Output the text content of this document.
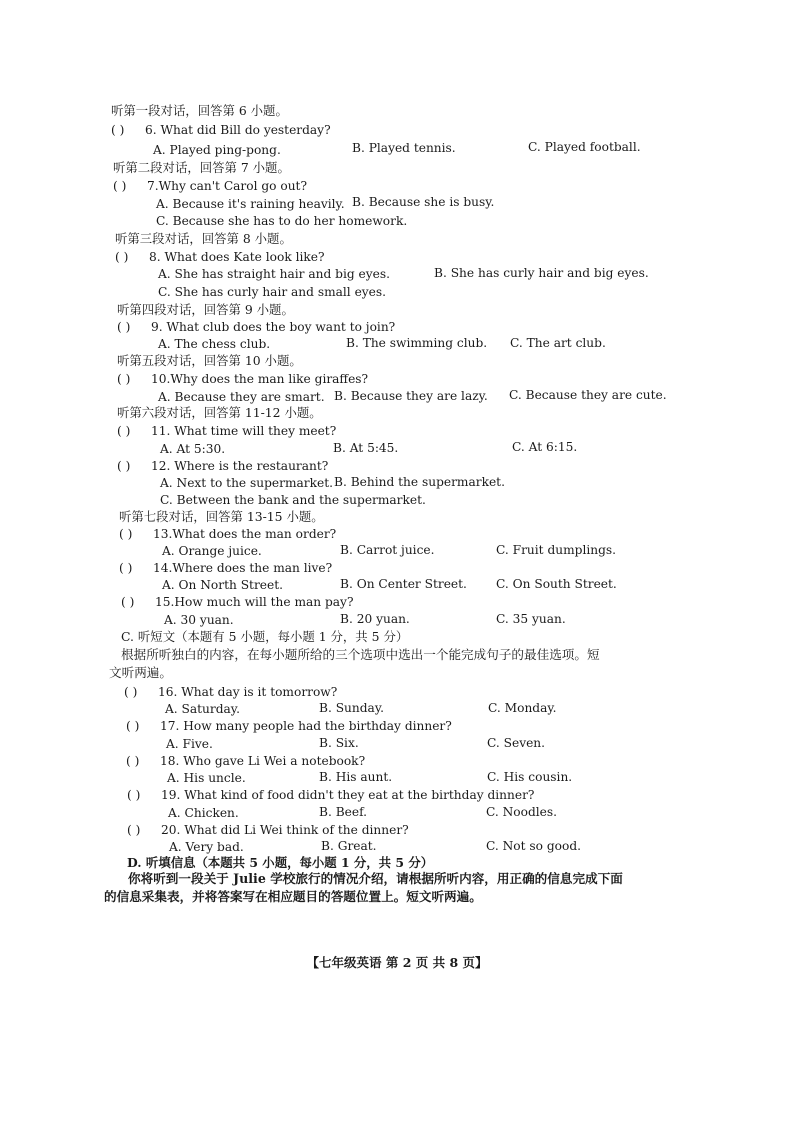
听第一段对话，回答第 6 小题。
( ) 6. What did Bill do yesterday?
A. Played ping-pong.	B. Played tennis.	C. Played football.
听第二段对话，回答第 7 小题。
( ) 7.Why can't Carol go out?
A. Because it's raining heavily. B. Because she is busy.
C. Because she has to do her homework.
听第三段对话，回答第 8 小题。
( ) 8. What does Kate look like?
A. She has straight hair and big eyes.	B. She has curly hair and big eyes.
C. She has curly hair and small eyes.
听第四段对话，回答第 9 小题。
( ) 9. What club does the boy want to join?
A. The chess club.	B. The swimming club. C. The art club.
听第五段对话，回答第 10 小题。
( ) 10.Why does the man like giraffes?
A. Because they are smart. B. Because they are lazy. C. Because they are cute.
听第六段对话，回答第 11-12 小题。
( ) 11. What time will they meet?
A. At 5:30.	B. At 5:45.	C. At 6:15.
( ) 12. Where is the restaurant?
A. Next to the supermarket. B. Behind the supermarket.
C. Between the bank and the supermarket.
听第七段对话，回答第 13-15 小题。
( ) 13.What does the man order?
A. Orange juice.	B. Carrot juice.	C. Fruit dumplings.
( ) 14.Where does the man live?
A. On North Street.	B. On Center Street. C. On South Street.
( ) 15.How much will the man pay?
A. 30 yuan.	B. 20 yuan.	C. 35 yuan.
C. 听短文（本题有 5 小题，每小题 1 分，共 5 分）
根据所听独白的内容，在每小题所给的三个选项中选出一个能完成句子的最佳选项。短
文听两遍。
( ) 16. What day is it tomorrow?
A. Saturday.	B. Sunday.	C. Monday.
( ) 17. How many people had the birthday dinner?
A. Five.	B. Six.	C. Seven.
( ) 18. Who gave Li Wei a notebook?
A. His uncle.	B. His aunt.	C. His cousin.
( ) 19. What kind of food didn't they eat at the birthday dinner?
A. Chicken.	B. Beef.	C. Noodles.
( ) 20. What did Li Wei think of the dinner?
A. Very bad.	B. Great.	C. Not so good.
D. 听填信息（本题共 5 小题，每小题 1 分，共 5 分）
你将听到一段关于 Julie 学校旅行的情况介绍，请根据所听内容，用正确的信息完成下面
的信息采集表，并将答案写在相应题目的答题位置上。短文听两遍。
【七年级英语 第 2 页 共 8 页】
